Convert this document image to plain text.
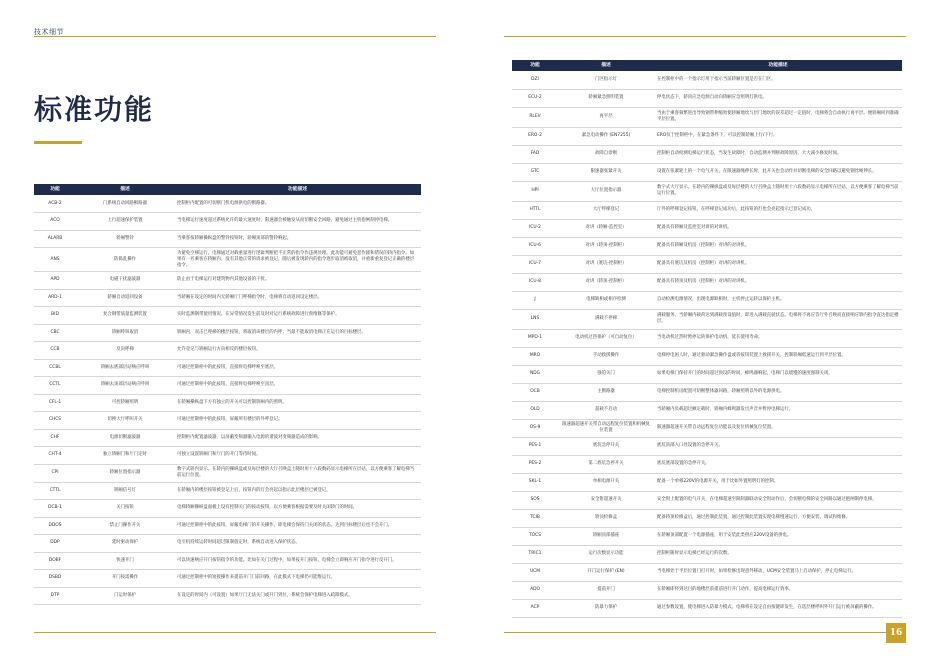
技术细节
标准功能
功能	描述	功能描述
ACB-2	门系统自动回路断路器	控制柜内配置的可切断门机电源供电的断路器。
ACO	上行超速保护装置	当电梯运行速度超过系统允许的最大速度时，限速器会被触发从而切断安全回路，避免通过主机抱闸制停电梯。
ALARB	轿厢警铃	当乘客按轿厢操纵盘的警铃按钮时，轿厢顶部的警铃响起。
ANS	防捣乱操作	为避免空梯运行，电梯通过对载重量进行逻辑判断把不正常的指令作违规处理。此功能可避免恶作剧和错误的轿内指令。如果有一名乘客在轿厢内，没有其他正常的请求被登记，随后被发现轿内的指令逐步取消被取消，并重新重复登记正确的楼层指令。
APD	电磁干扰滤波器	防止由于电梯运行对建筑物内其他设备的干扰。
ARD-1	轿厢自动返回设备	当轿厢在设定的时间内无轿厢厅门呼梯指令时，电梯将自动返回设定楼层。
BID	复合钢带质量监测装置	实时监测钢带使用情况。在异常情况发生前及时对运行系统故障进行预维修等保护。
CBC	轿厢呼叫取消	轿厢内，双击已呼梯的楼层按钮，将取消该楼层的内呼；当最不能取消电梯正在运行的目标楼层。
CCB	反向呼梯	允许登记与轿厢运行方向相反的楼层按钮。
CCBL	轿厢去底部层站响应呼叫	可通过控制柜中的此按钮，直接将电梯呼唤至底层。
CCTL	轿厢去顶部层站响应呼叫	可通过控制柜中的此按钮，直接将电梯呼唤至顶层。
CFL-1	可控轿厢照明	在轿厢操纵盘下方有独立的开关可以控制轿厢内的照明。
CHCS	切换大厅呼叫开关	可通过控制柜中的此按钮，屏蔽所有楼层的外呼登记。
CHF	电源切断滤波器	控制柜内配置滤波器，以屏蔽变频器输入电源的谐波对变频器造成的影响。
CHT-4	独立轿厢门和厅门定时	可独立设置轿厢门和厅门的开门等待时间。
CPI	轿厢位置指示器	数字式轿内显示。在轿内的操纵盘或及每层楼的大厅召唤盒上随时用十六段数码显示电梯所在层站，以方便乘客了解电梯当前运行位置。
CTTL	轿厢信号灯	在轿厢内的楼层按钮被登记上后，按钮内的灯会亮起以指示此层楼层已被登记。
DCB-1	关门按钮	电梯轿厢操纵盘面板上设有控制关门的按动按钮，以方便乘客根据需要及时关闭轿门的时间。
DDOS	禁止门操作开关	可通过控制柜中的此按钮，屏蔽电梯门的开关操作，即电梯会保持门关闭的状态。达到目标楼层后也不会开门。
DDP	延时驱动保护	电引机持续运转时间超过限制值定时，系统自动进入保护状态。
DOBF	快速开门	可以快速响应开门按钮指令的功能。比如在关门过程中，如果按开门按钮，电梯会立即响应开门指令进行反开门。
DSBD	开门按需操作	可通过控制柜中的短接操作来提前开门门前回路，在此模式下电梯仍可能维运行。
DTP	门运时保护	在设定的时间内（可设置）如果厅门无法关门或开门到位，系统会保护电梯进入疏障模式。
功能	描述	功能描述
DZI	门区指示灯	在控制柜中的一个指示灯用于指示当前轿厢位置是否在门区。
ECU-2	轿厢紧急照明装置	停电状态下，轿顶应急电源自动向轿厢应急照明灯供电。
RLEV	再平层	当由于乘客频繁进出导致钢带伸缩致使轿厢地坎与层门地坎的误差超过一定值时，电梯将会自动执行再平层。便轿厢回到准确平层位置。
ERO-2	紧急电动操作 (EN7255)	ERO仅于控制柜中，在紧急条件下，可以控制轿厢上行/下行。
FAD	故障自诊断	控制柜自动检测电梯运行状态，当发生故障时，自动监测并判断故障原因，大大减少修复时间。
GTC	限速器张紧开关	设置在张紧轮上的一个电气开关，在限速器绳伸长时，此开关也会动作并切断电梯的安全回路以避免钢丝绳伸长。
HPI	大厅位置指示器	数字式大厅显示。在轿内的操纵盘或及每层楼的大厅召唤盒上随时用十六段数码显示电梯所在层站，以方便乘客了解电梯当前运行位置。
HTTL	大厅呼梯登记	厅外的呼梯登记按钮，在呼梯登记成功后，此按钮的灯也会亮起指示已登记成功。
ICU-2	对讲（轿厢-监控室）	配备具有轿厢及监控室对讲的对讲机。
ICU-6	对讲（轿顶-控制柜）	配备具有轿厢及机房（控制柜）对讲的对讲机。
ICU-7	对讲（底坑-控制柜）	配备具有底坑及机房（控制柜）对讲的对讲机。
ICU-8	对讲（轿顶-控制柜）	配备具有轿顶及机房（控制柜）对讲的对讲机。
J	电梯缺相或相序检测	自动检测电源情况，出现电源缺相时，主机停止运转以保护主机。
LNS	满载不停梯	满载服务。当轿厢内载荷达到满载预设值时，即进入满载直驶状态。电梯将不再应答厅外召唤而直接响应轿内指令直达指定楼层。
MPD-1	电动机过热保护（可自动复位）	当电动机过热时暂停运转保护电动机，延长使用寿命。
MRO	手动救援操作	电梯停电困人时，通过驱动紧急操作盘或者按钮装置上救援开关，控制轿厢低速运行到平层位置。
NDG	强迫关门	如果电梯门保持开门的时间超过预设的时间，蜂鸣器响起，电梯门以缓慢的速度强制关闭。
OCB	主断路器	电梯控制机房配置可切断整体器回路，轿厢照明以外的电源供电。
OLD	超载不启动	当轿厢内负载超过额定载时，轿厢内蜂鸣器发出声音并暂停电梯运行。
OS-9	限速器超速开关带自动远程复位装置和机械复位装置	限速器超速开关带自动远程复位功能以及复位机械复位装置。
PES-1	底坑急停开关	底坑顶部入口处设置的急停开关。
PES-2	第二底坑急停开关	底坑底部设置的急停开关。
SKL-1	单相电源开关	配备一个单相220V的电源开关，用于比如外置照明灯的控制。
SOS	安全钳超速开关	安全钳上配置的电气开关，在电梯超速至限制器联动安全钳动作后，会切断电梯的安全回路以通过抱闸制停电梯。
TCIB	轿顶检修盒	配备轿顶检修盒后，通过控制此装置，通过控制此装置实现电梯慢速运行，方便安装、调试和维修。
TOCS	轿厢顶部插座	在轿厢顶部配置一个电源插座，用于安装此类供应220V设备的供电。
TRIC1	运行次数显示功能	控制柜随时显示电梯已经运行的次数。
UCM	开门运行保护 (EN)	当电梯处于平层位置门打开时，如果检修出现意外移动，UCM安全装置马上启动保护，停止电梯运行。
ADO	提前开门	在轿厢即将到达目的地楼层前提前进行开门动作，提高电梯运行效率。
ACP	防暴力保护	通过参数设置，使电梯进入防暴力模式。电梯将在设定自由按键即发生，在选层楼呼叫外开门运行被屏蔽的操作。
16
